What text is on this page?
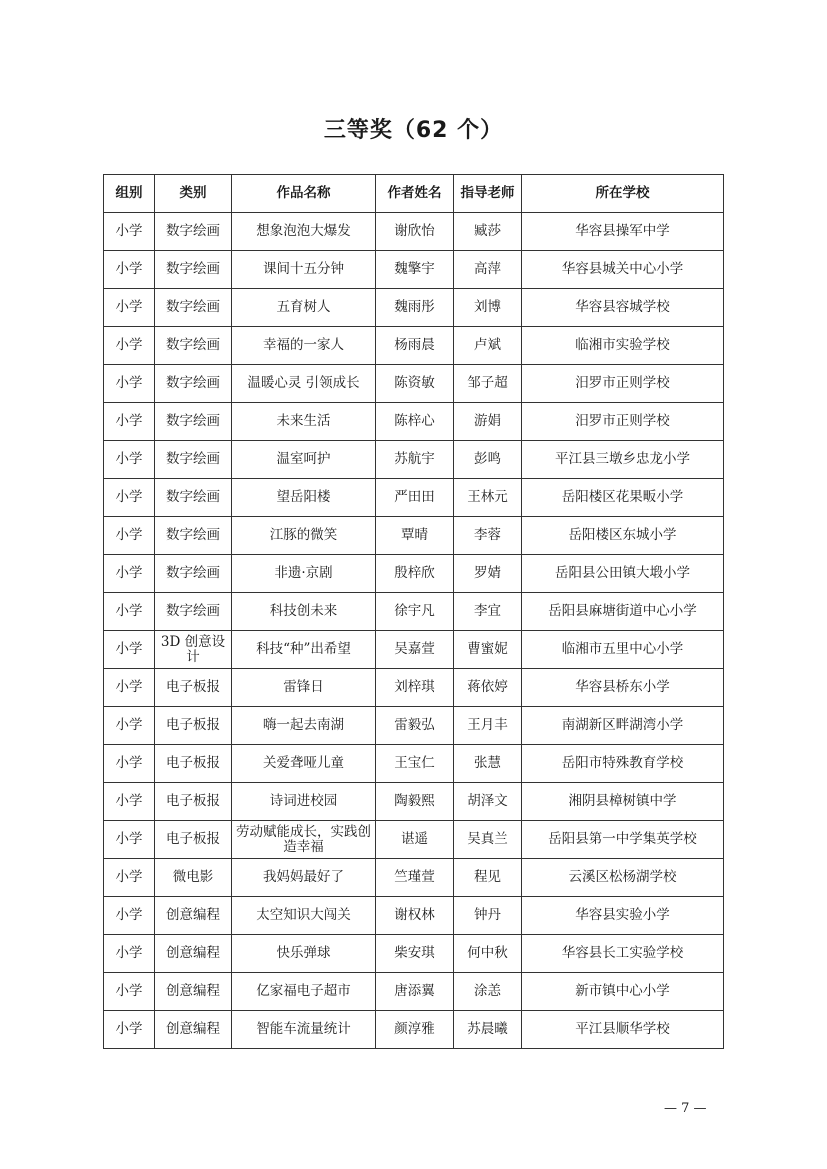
三等奖（62 个）
组别	类别	作品名称	作者姓名	指导老师	所在学校
小学	数字绘画	想象泡泡大爆发	谢欣怡	臧莎	华容县操军中学
小学	数字绘画	课间十五分钟	魏擎宇	高萍	华容县城关中心小学
小学	数字绘画	五育树人	魏雨彤	刘博	华容县容城学校
小学	数字绘画	幸福的一家人	杨雨晨	卢斌	临湘市实验学校
小学	数字绘画	温暖心灵 引领成长	陈资敏	邹子超	汨罗市正则学校
小学	数字绘画	未来生活	陈梓心	游娟	汨罗市正则学校
小学	数字绘画	温室呵护	苏航宇	彭鸣	平江县三墩乡忠龙小学
小学	数字绘画	望岳阳楼	严田田	王林元	岳阳楼区花果畈小学
小学	数字绘画	江豚的微笑	覃晴	李蓉	岳阳楼区东城小学
小学	数字绘画	非遗·京剧	殷梓欣	罗婧	岳阳县公田镇大塅小学
小学	数字绘画	科技创未来	徐宇凡	李宜	岳阳县麻塘街道中心小学
小学	3D 创意设计	科技“种”出希望	吴嘉萱	曹蜜妮	临湘市五里中心小学
小学	电子板报	雷锋日	刘梓琪	蒋依婷	华容县桥东小学
小学	电子板报	嗨一起去南湖	雷毅弘	王月丰	南湖新区畔湖湾小学
小学	电子板报	关爱聋哑儿童	王宝仁	张慧	岳阳市特殊教育学校
小学	电子板报	诗词进校园	陶毅熙	胡泽文	湘阴县樟树镇中学
小学	电子板报	劳动赋能成长，实践创造幸福	谌遥	吴真兰	岳阳县第一中学集英学校
小学	微电影	我妈妈最好了	竺瑾萱	程见	云溪区松杨湖学校
小学	创意编程	太空知识大闯关	谢权林	钟丹	华容县实验小学
小学	创意编程	快乐弹球	柴安琪	何中秋	华容县长工实验学校
小学	创意编程	亿家福电子超市	唐添翼	涂恙	新市镇中心小学
小学	创意编程	智能车流量统计	颜淳雅	苏晨曦	平江县顺华学校
— 7 —
